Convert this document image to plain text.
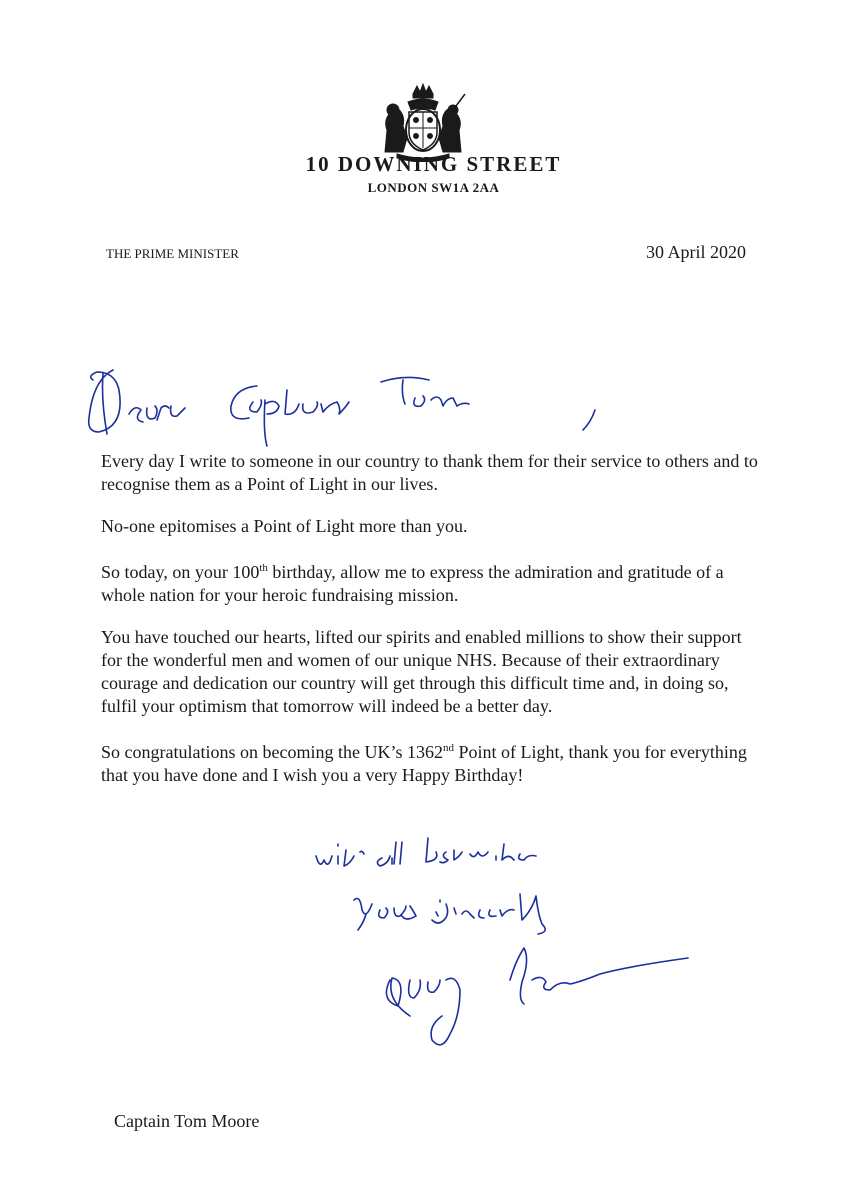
10 DOWNING STREET
LONDON SW1A 2AA
THE PRIME MINISTER	30 April 2020

Every day I write to someone in our country to thank them for their service to others and to recognise them as a Point of Light in our lives.

No-one epitomises a Point of Light more than you.

So today, on your 100th birthday, allow me to express the admiration and gratitude of a whole nation for your heroic fundraising mission.

You have touched our hearts, lifted our spirits and enabled millions to show their support for the wonderful men and women of our unique NHS. Because of their extraordinary courage and dedication our country will get through this difficult time and, in doing so, fulfil your optimism that tomorrow will indeed be a better day.

So congratulations on becoming the UK’s 1362nd Point of Light, thank you for everything that you have done and I wish you a very Happy Birthday!

Captain Tom Moore
